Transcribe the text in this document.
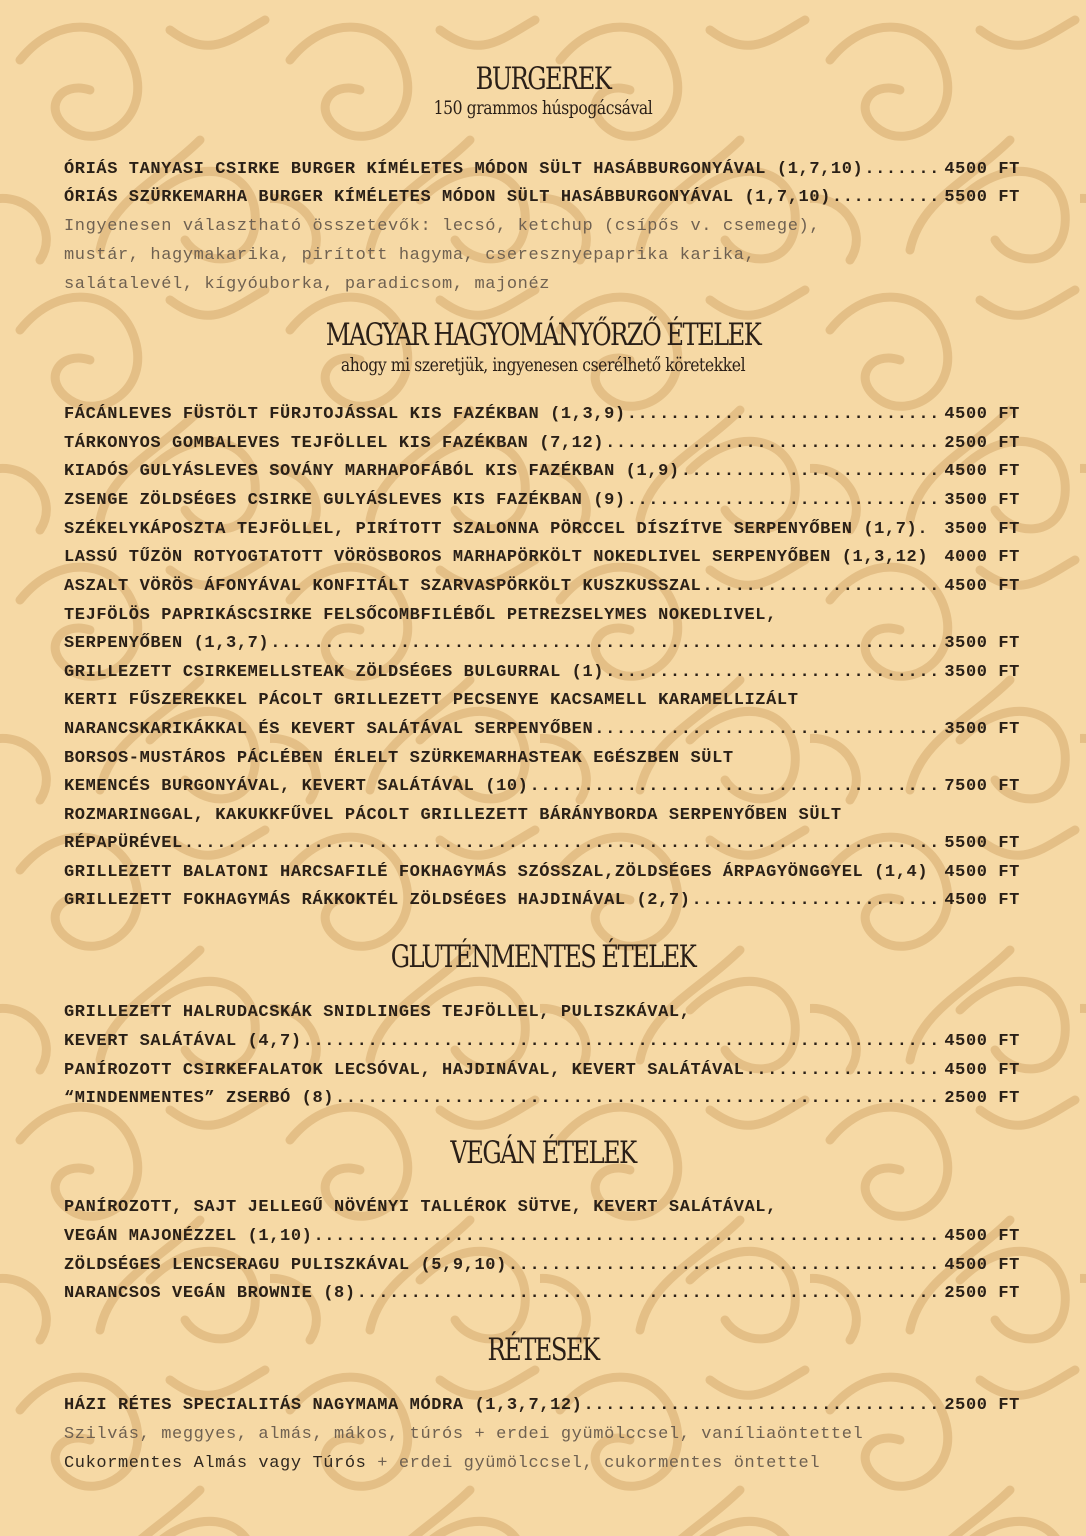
BURGEREK
150 grammos húspogácsával
ÓRIÁS TANYASI CSIRKE BURGER KÍMÉLETES MÓDON SÜLT HASÁBBURGONYÁVAL (1,7,10) .....	4500 FT
ÓRIÁS SZÜRKEMARHA BURGER KÍMÉLETES MÓDON SÜLT HASÁBBURGONYÁVAL (1,7,10) .....	5500 FT
Ingyenesen választható összetevők: lecsó, ketchup (csípős v. csemege),
mustár, hagymakarika, pirított hagyma, cseresznyepaprika karika,
salátalevél, kígyóuborka, paradicsom, majonéz
MAGYAR HAGYOMÁNYŐRZŐ ÉTELEK
ahogy mi szeretjük, ingyenesen cserélhető köretekkel
FÁCÁNLEVES FÜSTÖLT FÜRJTOJÁSSAL KIS FAZÉKBAN (1,3,9) .....	4500 FT
TÁRKONYOS GOMBALEVES TEJFÖLLEL KIS FAZÉKBAN (7,12) .....	2500 FT
KIADÓS GULYÁSLEVES SOVÁNY MARHAPOFÁBÓL KIS FAZÉKBAN (1,9) .....	4500 FT
ZSENGE ZÖLDSÉGES CSIRKE GULYÁSLEVES KIS FAZÉKBAN (9) .....	3500 FT
SZÉKELYKÁPOSZTA TEJFÖLLEL, PIRÍTOTT SZALONNA PÖRCCEL DÍSZÍTVE SERPENYŐBEN (1,7). 3500 FT
LASSÚ TŰZÖN ROTYOGTATOTT VÖRÖSBOROS MARHAPÖRKÖLT NOKEDLIVEL SERPENYŐBEN (1,3,12) 4000 FT
ASZALT VÖRÖS ÁFONYÁVAL KONFITÁLT SZARVASPÖRKÖLT KUSZKUSSZAL .....	4500 FT
TEJFÖLÖS PAPRIKÁSCSIRKE FELSŐCOMBFILÉBŐL PETREZSELYMES NOKEDLIVEL,
SERPENYŐBEN (1,3,7) .....	3500 FT
GRILLEZETT CSIRKEMELLSTEAK ZÖLDSÉGES BULGURRAL (1) .....	3500 FT
KERTI FŰSZEREKKEL PÁCOLT GRILLEZETT PECSENYE KACSAMELL KARAMELLIZÁLT
NARANCSKARIKÁKKAL ÉS KEVERT SALÁTÁVAL SERPENYŐBEN .....	3500 FT
BORSOS-MUSTÁROS PÁCLÉBEN ÉRLELT SZÜRKEMARHASTEAK EGÉSZBEN SÜLT
KEMENCÉS BURGONYÁVAL, KEVERT SALÁTÁVAL (10) .....	7500 FT
ROZMARINGGAL, KAKUKKFŰVEL PÁCOLT GRILLEZETT BÁRÁNYBORDA SERPENYŐBEN SÜLT
RÉPAPÜRÉVEL .....	5500 FT
GRILLEZETT BALATONI HARCSAFILÉ FOKHAGYMÁS SZÓSSZAL,ZÖLDSÉGES ÁRPAGYÖNGGYEL (1,4) 4500 FT
GRILLEZETT FOKHAGYMÁS RÁKKOKTÉL ZÖLDSÉGES HAJDINÁVAL (2,7) .....	4500 FT
GLUTÉNMENTES ÉTELEK
GRILLEZETT HALRUDACSKÁK SNIDLINGES TEJFÖLLEL, PULISZKÁVAL,
KEVERT SALÁTÁVAL (4,7) .....	4500 FT
PANÍROZOTT CSIRKEFALATOK LECSÓVAL, HAJDINÁVAL, KEVERT SALÁTÁVAL .....	4500 FT
“MINDENMENTES” ZSERBÓ (8) .....	2500 FT
VEGÁN ÉTELEK
PANÍROZOTT, SAJT JELLEGŰ NÖVÉNYI TALLÉROK SÜTVE, KEVERT SALÁTÁVAL,
VEGÁN MAJONÉZZEL (1,10) .....	4500 FT
ZÖLDSÉGES LENCSERAGU PULISZKÁVAL (5,9,10) .....	4500 FT
NARANCSOS VEGÁN BROWNIE (8) .....	2500 FT
RÉTESEK
HÁZI RÉTES SPECIALITÁS NAGYMAMA MÓDRA (1,3,7,12) .....	2500 FT
Szilvás, meggyes, almás, mákos, túrós + erdei gyümölccsel, vaníliaöntettel
Cukormentes Almás vagy Túrós + erdei gyümölccsel, cukormentes öntettel
